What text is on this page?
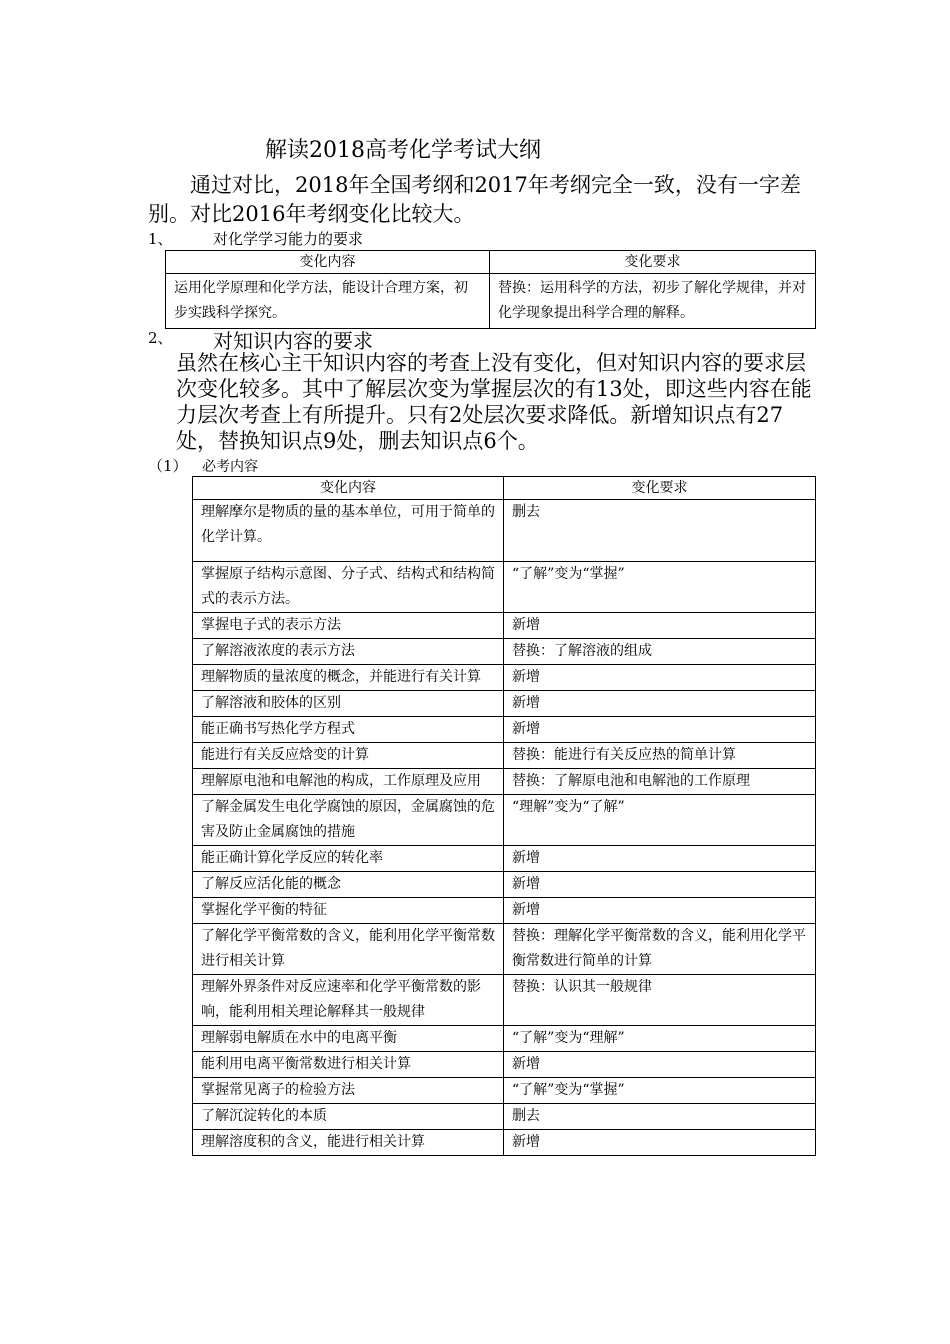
解读2018高考化学考试大纲
通过对比，2018年全国考纲和2017年考纲完全一致，没有一字差别。对比2016年考纲变化比较大。
1、	对化学学习能力的要求
变化内容	变化要求
运用化学原理和化学方法，能设计合理方案，初步实践科学探究。	替换：运用科学的方法，初步了解化学规律，并对化学现象提出科学合理的解释。
2、 对知识内容的要求
虽然在核心主干知识内容的考查上没有变化，但对知识内容的要求层次变化较多。其中了解层次变为掌握层次的有13处，即这些内容在能力层次考查上有所提升。只有2处层次要求降低。新增知识点有27处，替换知识点9处，删去知识点6个。
（1） 必考内容
变化内容	变化要求
理解摩尔是物质的量的基本单位，可用于简单的化学计算。	删去
掌握原子结构示意图、分子式、结构式和结构简式的表示方法。	“了解”变为“掌握”
掌握电子式的表示方法	新增
了解溶液浓度的表示方法	替换：了解溶液的组成
理解物质的量浓度的概念，并能进行有关计算	新增
了解溶液和胶体的区别	新增
能正确书写热化学方程式	新增
能进行有关反应焓变的计算	替换：能进行有关反应热的简单计算
理解原电池和电解池的构成，工作原理及应用	替换：了解原电池和电解池的工作原理
了解金属发生电化学腐蚀的原因，金属腐蚀的危害及防止金属腐蚀的措施	“理解”变为“了解”
能正确计算化学反应的转化率	新增
了解反应活化能的概念	新增
掌握化学平衡的特征	新增
了解化学平衡常数的含义，能利用化学平衡常数进行相关计算	替换：理解化学平衡常数的含义，能利用化学平衡常数进行简单的计算
理解外界条件对反应速率和化学平衡常数的影响，能利用相关理论解释其一般规律	替换：认识其一般规律
理解弱电解质在水中的电离平衡	“了解”变为“理解”
能利用电离平衡常数进行相关计算	新增
掌握常见离子的检验方法	“了解”变为“掌握”
了解沉淀转化的本质	删去
理解溶度积的含义，能进行相关计算	新增
